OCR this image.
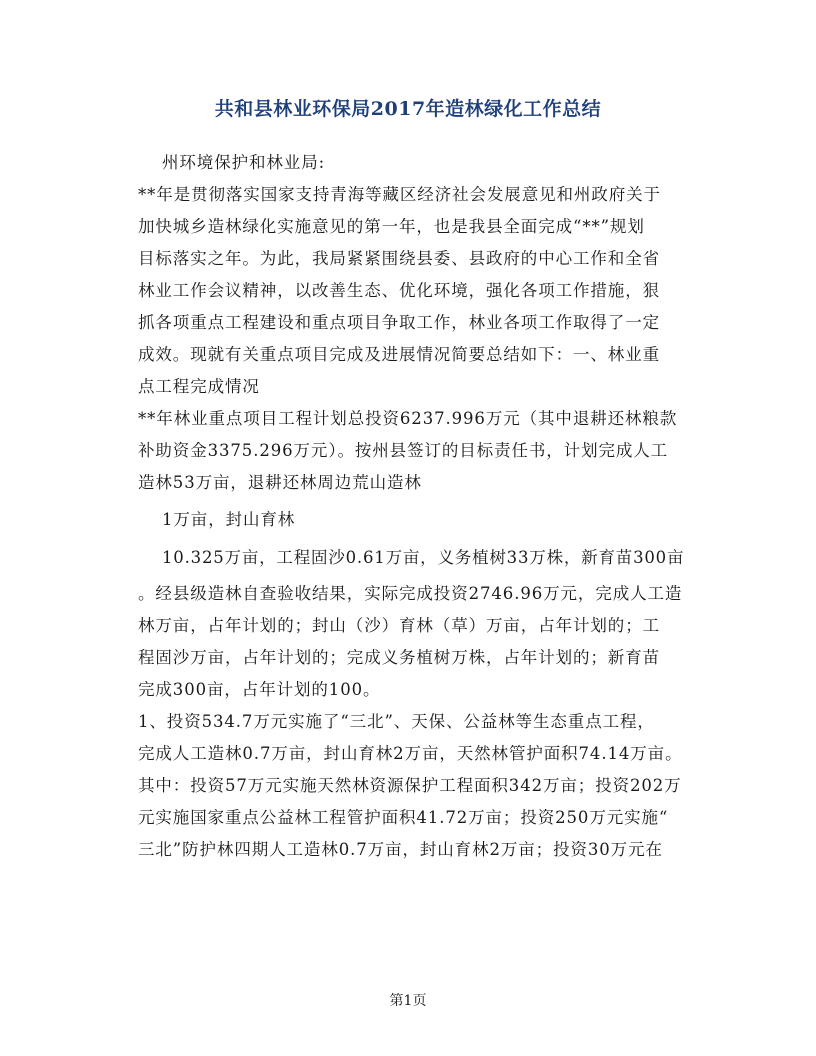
共和县林业环保局2017年造林绿化工作总结
州环境保护和林业局:
**年是贯彻落实国家支持青海等藏区经济社会发展意见和州政府关于
加快城乡造林绿化实施意见的第一年，也是我县全面完成“**”规划
目标落实之年。为此，我局紧紧围绕县委、县政府的中心工作和全省
林业工作会议精神，以改善生态、优化环境，强化各项工作措施，狠
抓各项重点工程建设和重点项目争取工作，林业各项工作取得了一定
成效。现就有关重点项目完成及进展情况简要总结如下：一、林业重
点工程完成情况
**年林业重点项目工程计划总投资6237.996万元（其中退耕还林粮款
补助资金3375.296万元）。按州县签订的目标责任书，计划完成人工
造林53万亩，退耕还林周边荒山造林
1万亩，封山育林
10.325万亩，工程固沙0.61万亩，义务植树33万株，新育苗300亩
。经县级造林自查验收结果，实际完成投资2746.96万元，完成人工造
林万亩，占年计划的；封山（沙）育林（草）万亩，占年计划的；工
程固沙万亩，占年计划的；完成义务植树万株，占年计划的；新育苗
完成300亩，占年计划的100。
1、投资534.7万元实施了“三北”、天保、公益林等生态重点工程，
完成人工造林0.7万亩，封山育林2万亩，天然林管护面积74.14万亩。
其中：投资57万元实施天然林资源保护工程面积342万亩；投资202万
元实施国家重点公益林工程管护面积41.72万亩；投资250万元实施“
三北”防护林四期人工造林0.7万亩，封山育林2万亩；投资30万元在
第1页
